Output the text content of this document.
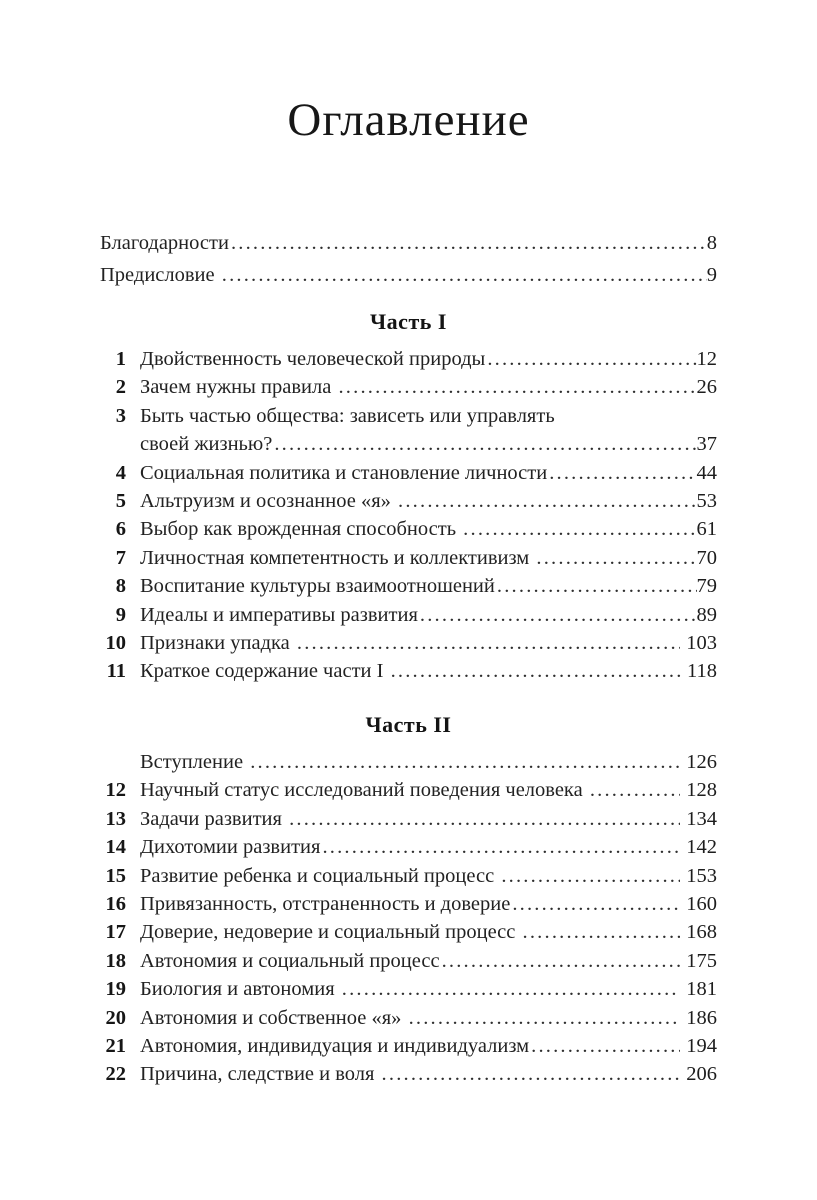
Оглавление
Благодарности .....	8
Предисловие .....	9
Часть I
1 Двойственность человеческой природы .....	12
2 Зачем нужны правила .....	26
3 Быть частью общества: зависеть или управлять
своей жизнью? .....	37
4 Социальная политика и становление личности .....	44
5 Альтруизм и осознанное «я» .....	53
6 Выбор как врожденная способность .....	61
7 Личностная компетентность и коллективизм .....	70
8 Воспитание культуры взаимоотношений .....	79
9 Идеалы и императивы развития .....	89
10 Признаки упадка .....	103
11 Краткое содержание части I .....	118
Часть II
Вступление .....	126
12 Научный статус исследований поведения человека .....	128
13 Задачи развития .....	134
14 Дихотомии развития .....	142
15 Развитие ребенка и социальный процесс .....	153
16 Привязанность, отстраненность и доверие .....	160
17 Доверие, недоверие и социальный процесс .....	168
18 Автономия и социальный процесс .....	175
19 Биология и автономия .....	181
20 Автономия и собственное «я» .....	186
21 Автономия, индивидуация и индивидуализм .....	194
22 Причина, следствие и воля .....	206
